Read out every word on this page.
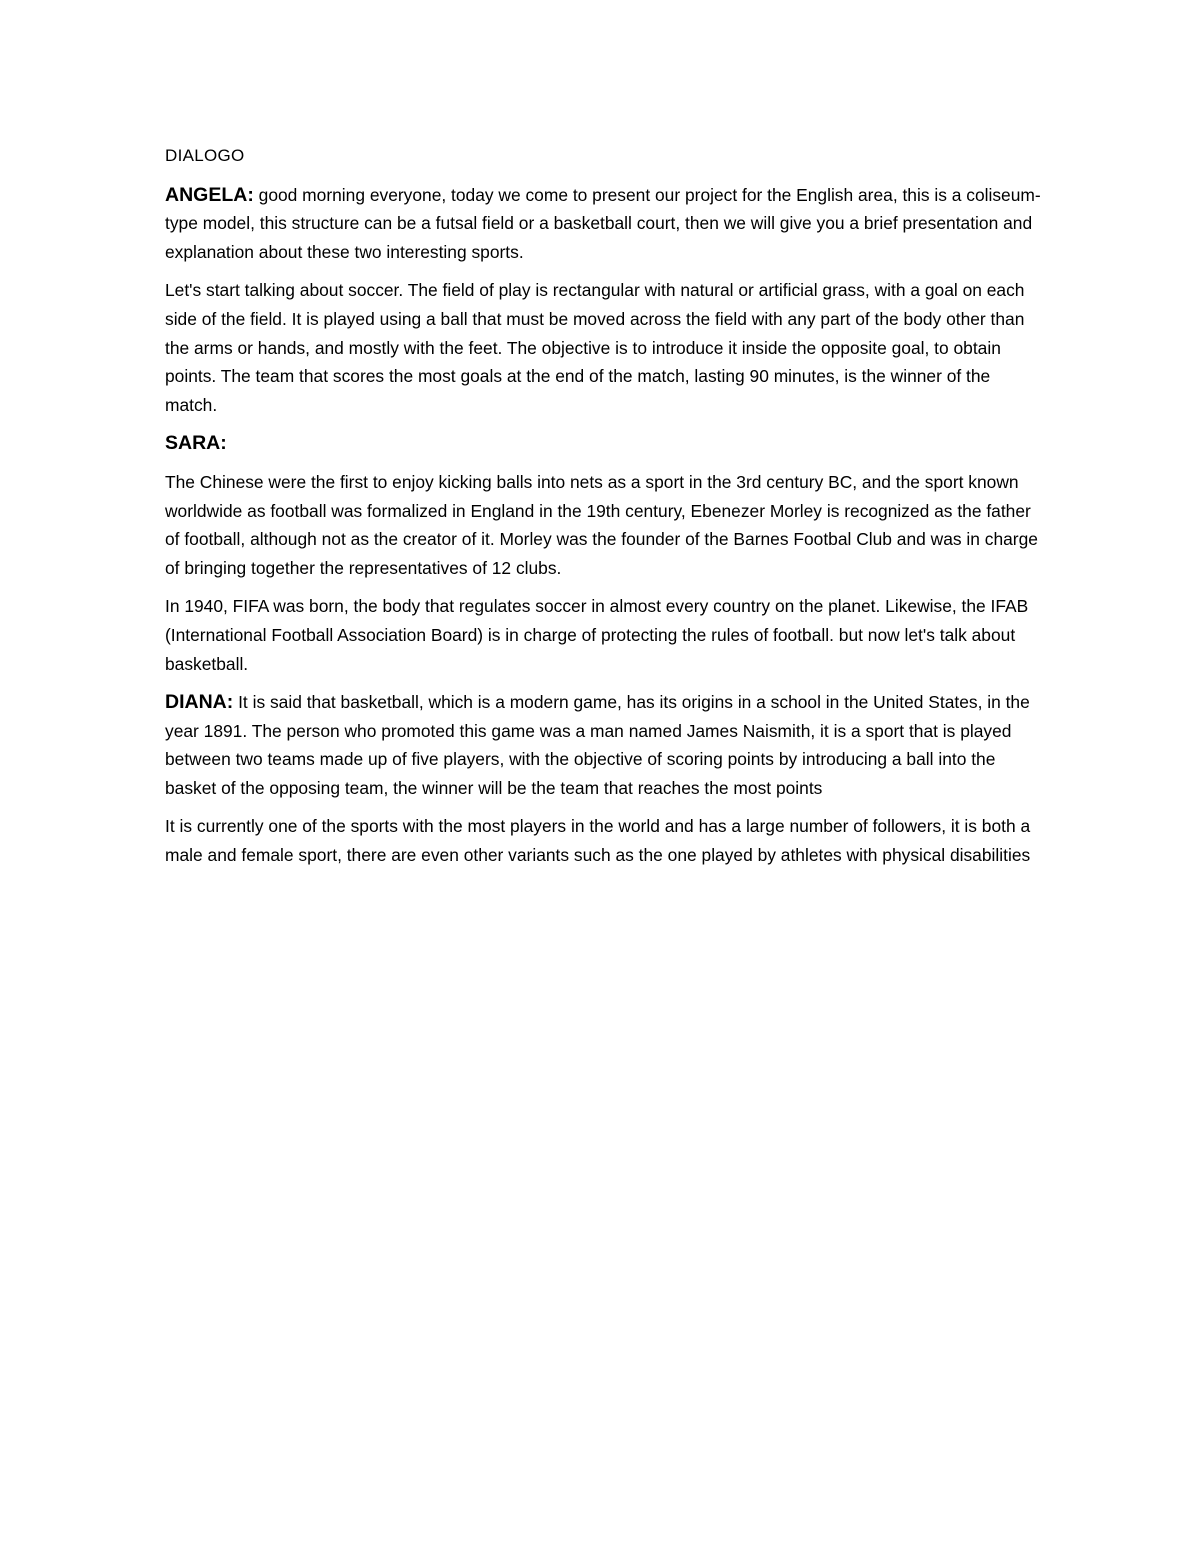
DIALOGO

ANGELA: good morning everyone, today we come to present our project for the English area, this is a coliseum-type model, this structure can be a futsal field or a basketball court, then we will give you a brief presentation and explanation about these two interesting sports.

Let's start talking about soccer. The field of play is rectangular with natural or artificial grass, with a goal on each side of the field. It is played using a ball that must be moved across the field with any part of the body other than the arms or hands, and mostly with the feet. The objective is to introduce it inside the opposite goal, to obtain points. The team that scores the most goals at the end of the match, lasting 90 minutes, is the winner of the match.

SARA:

The Chinese were the first to enjoy kicking balls into nets as a sport in the 3rd century BC, and the sport known worldwide as football was formalized in England in the 19th century, Ebenezer Morley is recognized as the father of football, although not as the creator of it. Morley was the founder of the Barnes Footbal Club and was in charge of bringing together the representatives of 12 clubs.

In 1940, FIFA was born, the body that regulates soccer in almost every country on the planet. Likewise, the IFAB (International Football Association Board) is in charge of protecting the rules of football. but now let's talk about basketball.

DIANA: It is said that basketball, which is a modern game, has its origins in a school in the United States, in the year 1891. The person who promoted this game was a man named James Naismith, it is a sport that is played between two teams made up of five players, with the objective of scoring points by introducing a ball into the basket of the opposing team, the winner will be the team that reaches the most points

It is currently one of the sports with the most players in the world and has a large number of followers, it is both a male and female sport, there are even other variants such as the one played by athletes with physical disabilities
